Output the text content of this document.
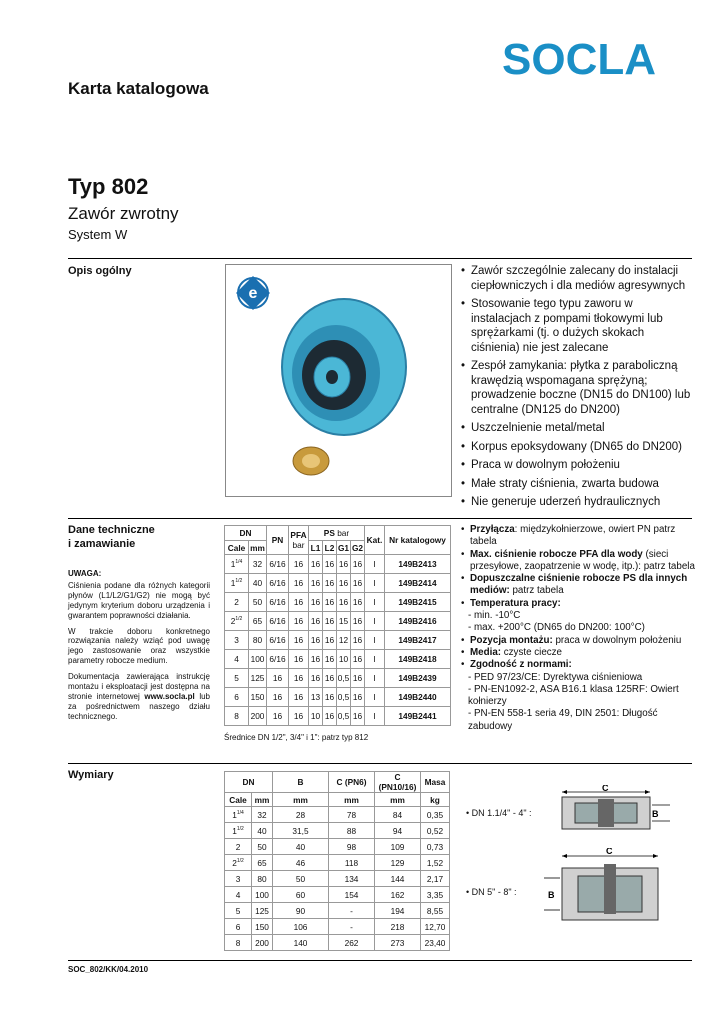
SOCLA
Karta katalogowa
Typ 802
Zawór zwrotny
System W
Opis ogólny
e
• Zawór szczególnie zalecany do instalacji ciepłowniczych i dla mediów agresywnych
• Stosowanie tego typu zaworu w instalacjach z pompami tłokowymi lub sprężarkami (tj. o dużych skokach ciśnienia) nie jest zalecane
• Zespół zamykania: płytka z paraboliczną krawędzią wspomagana sprężyną; prowadzenie boczne (DN15 do DN100) lub centralne (DN125 do DN200)
• Uszczelnienie metal/metal
• Korpus epoksydowany (DN65 do DN200)
• Praca w dowolnym położeniu
• Małe straty ciśnienia, zwarta budowa
• Nie generuje uderzeń hydraulicznych
Dane techniczne
i zamawianie

UWAGA:

Ciśnienia podane dla różnych kategorii płynów (L1/L2/G1/G2) nie mogą być jedynym kryterium doboru urządzenia i gwarantem poprawności działania.

W trakcie doboru konkretnego rozwiązania należy wziąć pod uwagę jego zastosowanie oraz wszystkie parametry robocze medium.

Dokumentacja zawierająca instrukcję montażu i eksploatacji jest dostępna na stronie internetowej www.socla.pl lub za pośrednictwem naszego działu technicznego.

DN		PN	PFA
bar	PS bar				Kat.	Nr katalogowy
Cale	mm			L1	L2	G1	G2		
$1^{1/4}$	32	6/16	16	16	16	16	16	I	149B2413
$1^{1/2}$	40	6/16	16	16	16	16	16	I	149B2414
2	50	6/16	16	16	16	16	16	I	149B2415
$2^{1/2}$	65	6/16	16	16	16	15	16	I	149B2416
3	80	6/16	16	16	16	12	16	I	149B2417
4	100	6/16	16	16	16	10	16	I	149B2418
5	125	16	16	16	16	0,5	16	I	149B2439
6	150	16	16	13	16	0,5	16	I	149B2440
8	200	16	16	10	16	0,5	16	I	149B2441
Średnice DN 1/2", 3/4" i 1": patrz typ 812
• Przyłącza: międzykołnierzowe, owiert PN patrz tabela
• Max. ciśnienie robocze PFA dla wody (sieci przesyłowe, zaopatrzenie w wodę, itp.): patrz tabela
• Dopuszczalne ciśnienie robocze PS dla innych mediów: patrz tabela
• Temperatura pracy:
- min. -10°C
- max. +200°C (DN65 do DN200: 100°C)
• Pozycja montażu: praca w dowolnym położeniu
• Media: czyste ciecze
• Zgodność z normami:
- PED 97/23/CE: Dyrektywa ciśnieniowa
- PN-EN1092-2, ASA B16.1 klasa 125RF: Owiert kołnierzy
- PN-EN 558-1 seria 49, DIN 2501: Długość zabudowy
Wymiary
DN		B	C (PN6)	C (PN10/16)	Masa
Cale	mm	mm	mm	mm	kg
$1^{1/4}$	32	28	78	84	0,35
$1^{1/2}$	40	31,5	88	94	0,52
2	50	40	98	109	0,73
$2^{1/2}$	65	46	118	129	1,52
3	80	50	134	144	2,17
4	100	60	154	162	3,35
5	125	90	-	194	8,55
6	150	106	-	218	12,70
8	200	140	262	273	23,40
• DN 1.1/4" - 4" :
• DN 5" - 8" :
C
B
C
B
SOC_802/KK/04.2010
